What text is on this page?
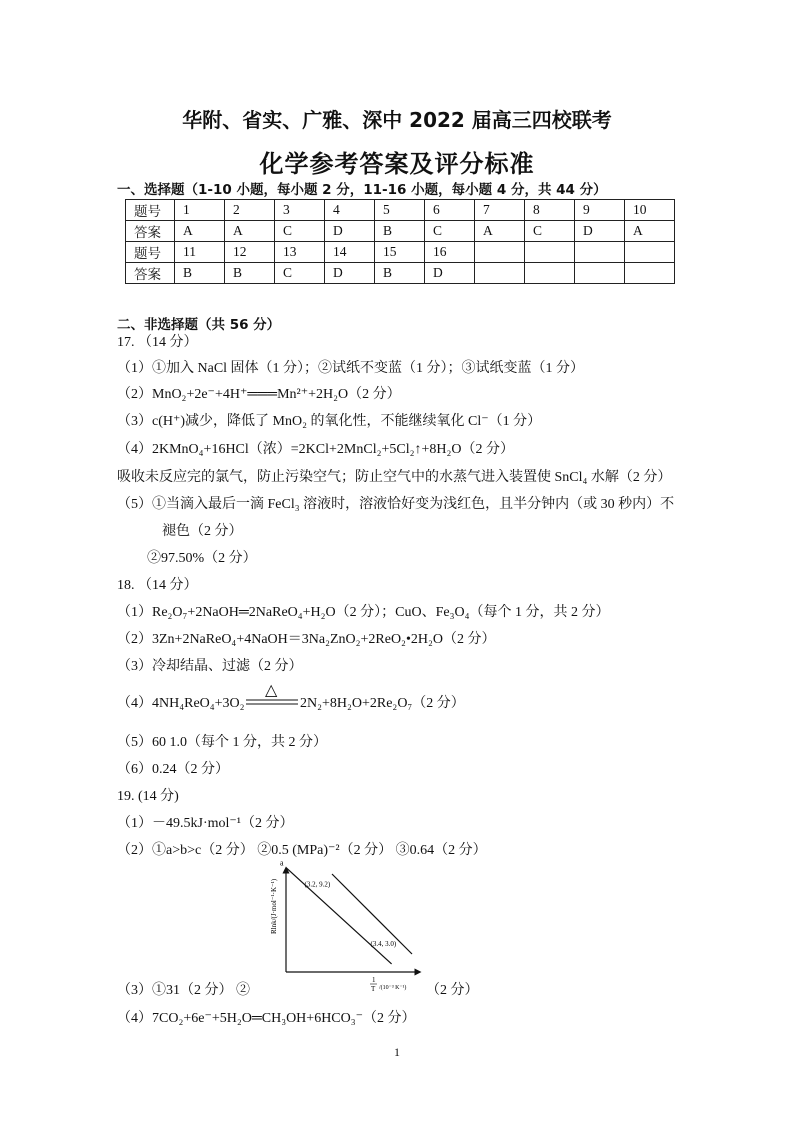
华附、省实、广雅、深中 2022 届高三四校联考
化学参考答案及评分标准
一、选择题（1-10 小题，每小题 2 分，11-16 小题，每小题 4 分，共 44 分）
题号	1	2	3	4	5	6	7	8	9	10
答案	A	A	C	D	B	C	A	C	D	A
题号	11	12	13	14	15	16				
答案	B	B	C	D	B	D				
二、非选择题（共 56 分）
17. （14 分）
（1）①加入 NaCl 固体（1 分）；②试纸不变蓝（1 分）；③试纸变蓝（1 分）
（2）MnO₂+2e⁻+4H⁺═══Mn²⁺+2H₂O（2 分）
（3）c(H⁺)减少，降低了 MnO₂ 的氧化性，不能继续氧化 Cl⁻（1 分）
（4）2KMnO₄+16HCl（浓）=2KCl+2MnCl₂+5Cl₂↑+8H₂O（2 分）
吸收未反应完的氯气，防止污染空气；防止空气中的水蒸气进入装置使 SnCl₄ 水解（2 分）
（5）①当滴入最后一滴 FeCl₃ 溶液时，溶液恰好变为浅红色，且半分钟内（或 30 秒内）不
褪色（2 分）
②97.50%（2 分）
18. （14 分）
（1）Re₂O₇+2NaOH═2NaReO₄+H₂O（2 分）；CuO、Fe₃O₄（每个 1 分，共 2 分）
（2）3Zn+2NaReO₄+4NaOH＝3Na₂ZnO₂+2ReO₂•2H₂O（2 分）
（3）冷却结晶、过滤（2 分）
（4）4NH₄ReO₄+3O₂
△
2N₂+8H₂O+2Re₂O₇（2 分）
（5）60 1.0（每个 1 分，共 2 分）
（6）0.24（2 分）
19. (14 分)
（1）－49.5kJ·mol⁻¹（2 分）
（2）①a>b>c（2 分） ②0.5 (MPa)⁻²（2 分） ③0.64（2 分）
a
(3.2, 9.2)
(3.4, 3.0)
Rlnk/(J·mol⁻¹·K⁻¹)
1
T /(10⁻³ K⁻¹)
（3）①31（2 分） ②	（2 分）
（4）7CO₂+6e⁻+5H₂O═CH₃OH+6HCO₃⁻（2 分）
1
